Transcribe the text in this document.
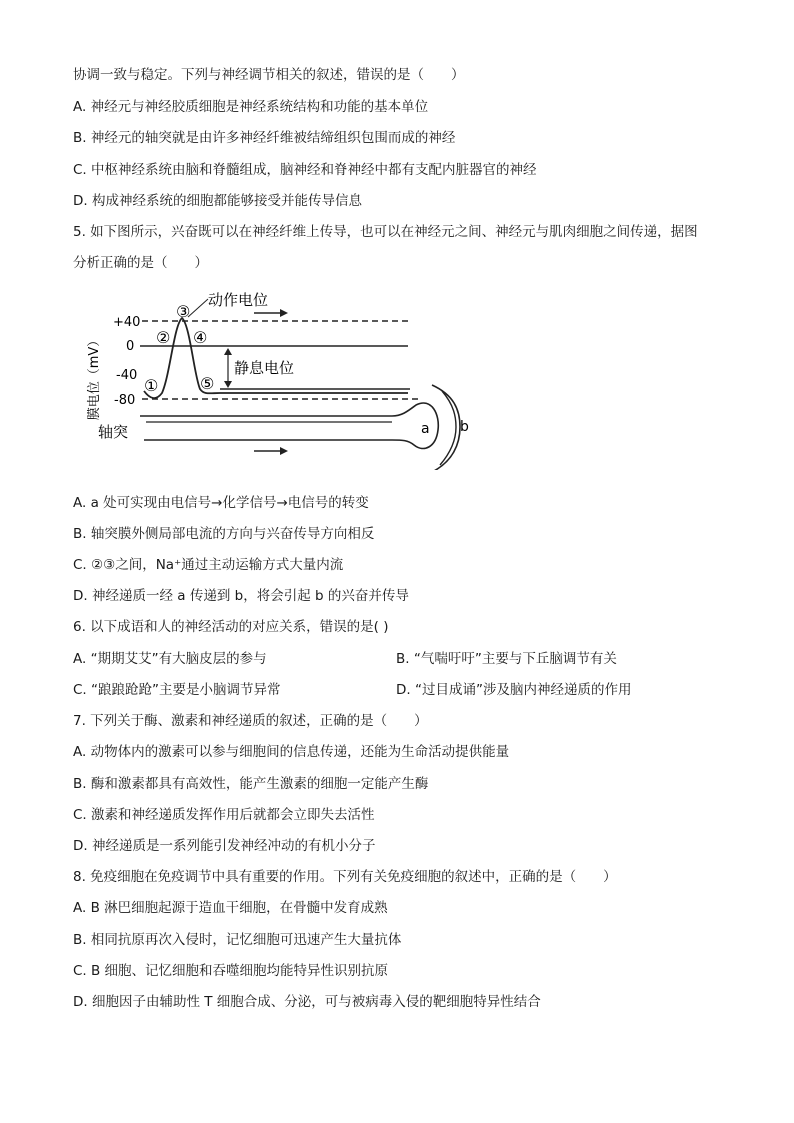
协调一致与稳定。下列与神经调节相关的叙述，错误的是（　　）
A. 神经元与神经胶质细胞是神经系统结构和功能的基本单位
B. 神经元的轴突就是由许多神经纤维被结缔组织包围而成的神经
C. 中枢神经系统由脑和脊髓组成，脑神经和脊神经中都有支配内脏器官的神经
D. 构成神经系统的细胞都能够接受并能传导信息
5. 如下图所示，兴奋既可以在神经纤维上传导，也可以在神经元之间、神经元与肌肉细胞之间传递，据图
分析正确的是（　　）
膜电位（mV）
+40
0
-40
-80
静息电位
动作电位
①
②
③
④
⑤
轴突	a b
A. a 处可实现由电信号→化学信号→电信号的转变
B. 轴突膜外侧局部电流的方向与兴奋传导方向相反
C. ②③之间，Na⁺通过主动运输方式大量内流
D. 神经递质一经 a 传递到 b，将会引起 b 的兴奋并传导
6. 以下成语和人的神经活动的对应关系，错误的是( )
A. “期期艾艾”有大脑皮层的参与	B. “气喘吁吁”主要与下丘脑调节有关
C. “踉踉跄跄”主要是小脑调节异常	D. “过目成诵”涉及脑内神经递质的作用
7. 下列关于酶、激素和神经递质的叙述，正确的是（　　）
A. 动物体内的激素可以参与细胞间的信息传递，还能为生命活动提供能量
B. 酶和激素都具有高效性，能产生激素的细胞一定能产生酶
C. 激素和神经递质发挥作用后就都会立即失去活性
D. 神经递质是一系列能引发神经冲动的有机小分子
8. 免疫细胞在免疫调节中具有重要的作用。下列有关免疫细胞的叙述中，正确的是（　　）
A. B 淋巴细胞起源于造血干细胞，在骨髓中发育成熟
B. 相同抗原再次入侵时，记忆细胞可迅速产生大量抗体
C. B 细胞、记忆细胞和吞噬细胞均能特异性识别抗原
D. 细胞因子由辅助性 T 细胞合成、分泌，可与被病毒入侵的靶细胞特异性结合
